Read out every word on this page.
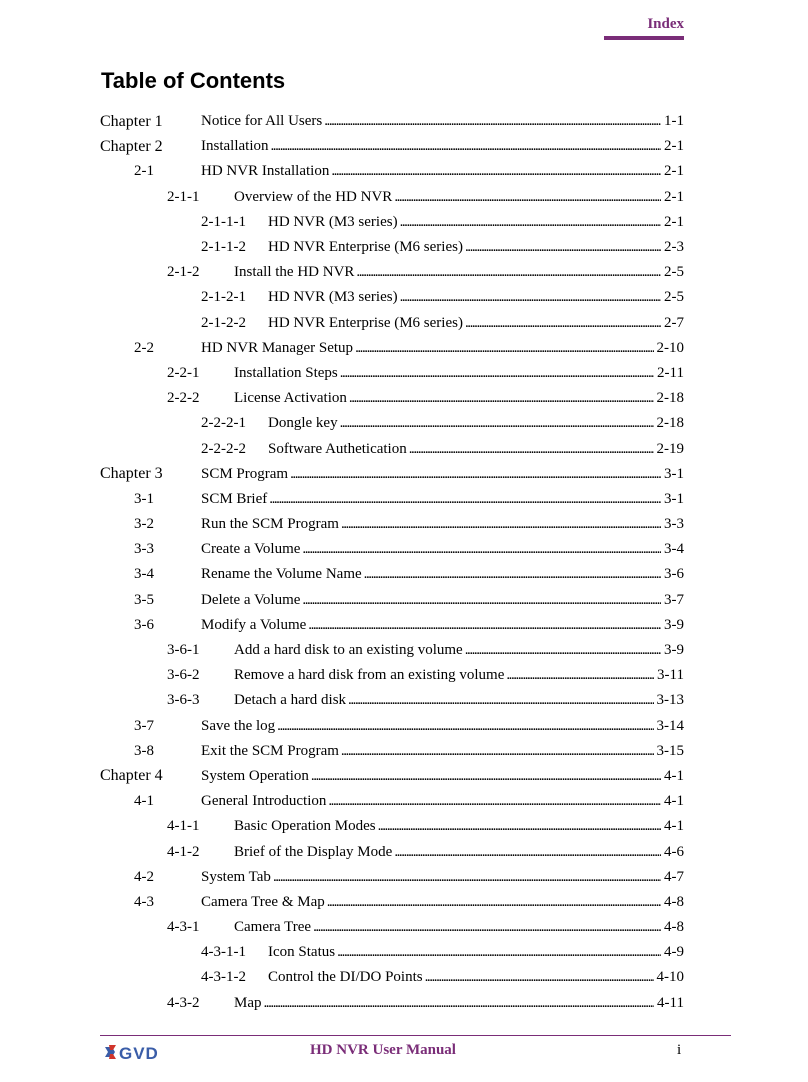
Index
Table of Contents
Chapter 1	Notice for All Users . . .	1-1
Chapter 2	Installation . . .	2-1
2-1	HD NVR Installation . . .	2-1
2-1-1 Overview of the HD NVR . . .	2-1
2-1-1-1 HD NVR (M3 series) . . .	2-1
2-1-1-2 HD NVR Enterprise (M6 series) . . .	2-3
2-1-2 Install the HD NVR . . .	2-5
2-1-2-1 HD NVR (M3 series) . . .	2-5
2-1-2-2 HD NVR Enterprise (M6 series) . . .	2-7
2-2	HD NVR Manager Setup . . .	2-10
2-2-1 Installation Steps . . .	2-11
2-2-2 License Activation . . .	2-18
2-2-2-1 Dongle key . . .	2-18
2-2-2-2 Software Authetication . . .	2-19
Chapter 3	SCM Program . . .	3-1
3-1	SCM Brief . . .	3-1
3-2	Run the SCM Program . . .	3-3
3-3	Create a Volume . . .	3-4
3-4	Rename the Volume Name . . .	3-6
3-5	Delete a Volume . . .	3-7
3-6	Modify a Volume . . .	3-9
3-6-1 Add a hard disk to an existing volume . . .	3-9
3-6-2 Remove a hard disk from an existing volume . . .	3-11
3-6-3 Detach a hard disk . . .	3-13
3-7	Save the log . . .	3-14
3-8	Exit the SCM Program . . .	3-15
Chapter 4	System Operation . . .	4-1
4-1	General Introduction . . .	4-1
4-1-1 Basic Operation Modes . . .	4-1
4-1-2 Brief of the Display Mode . . .	4-6
4-2	System Tab . . .	4-7
4-3	Camera Tree & Map . . .	4-8
4-3-1 Camera Tree . . .	4-8
4-3-1-1 Icon Status . . .	4-9
4-3-1-2 Control the DI/DO Points . . .	4-10
4-3-2 Map . . .	4-11
GVD	HD NVR User Manual	i
